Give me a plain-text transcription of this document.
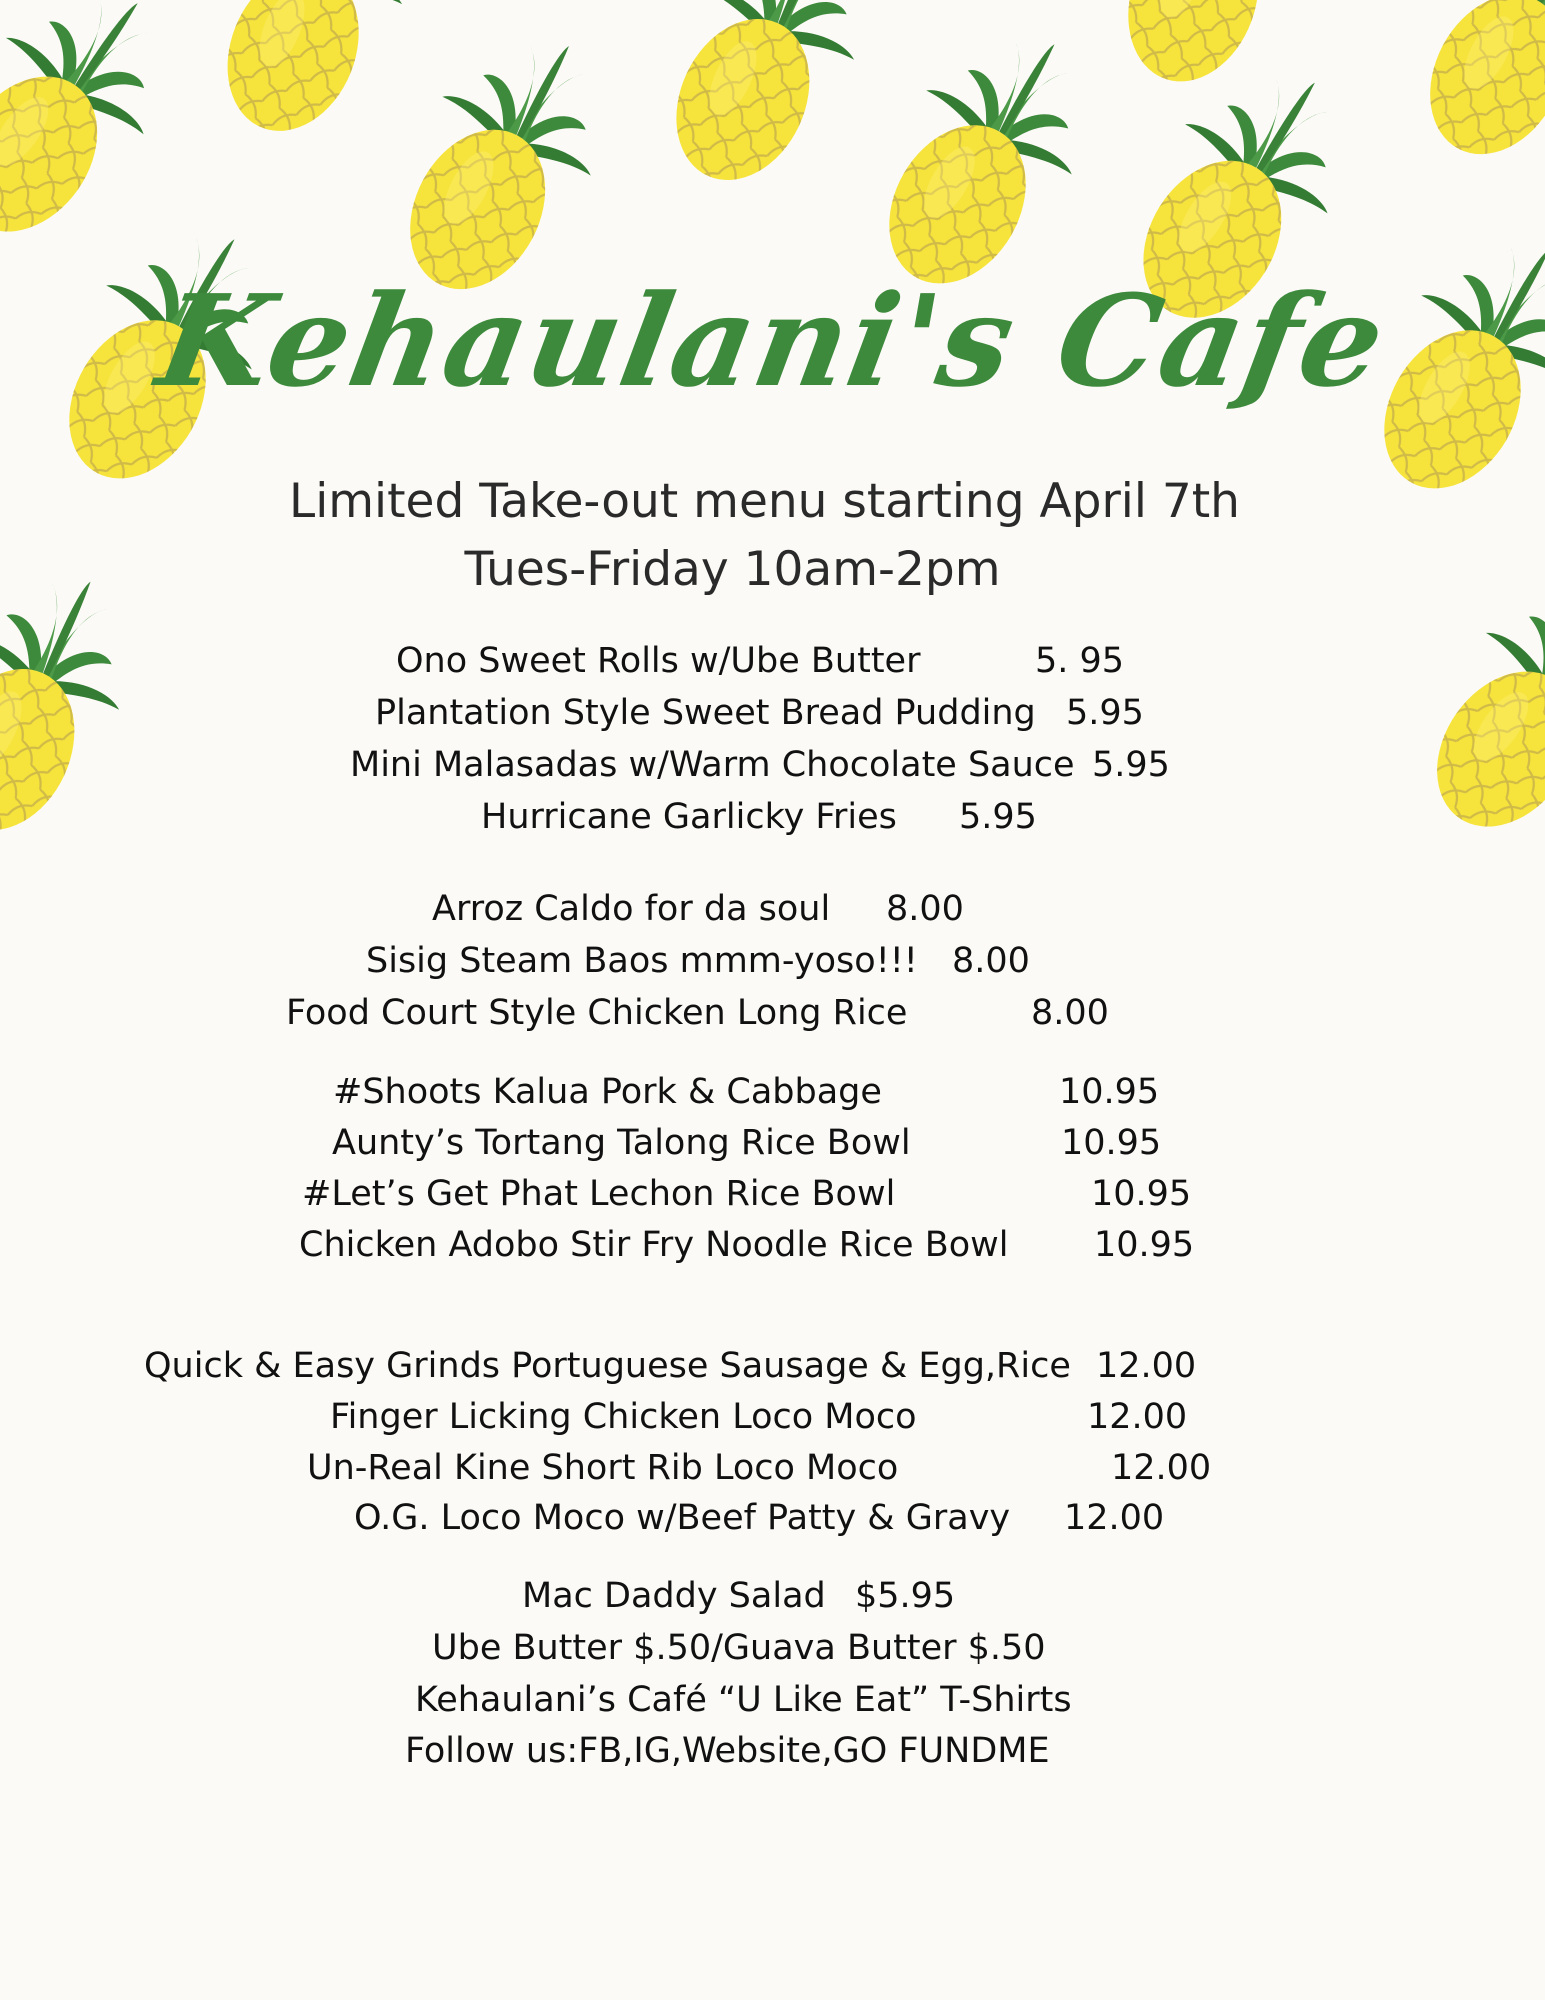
Kehaulani's Cafe
Limited Take-out menu starting April 7th
Tues-Friday 10am-2pm
Ono Sweet Rolls w/Ube Butter	5. 95
Plantation Style Sweet Bread Pudding 5.95
Mini Malasadas w/Warm Chocolate Sauce 5.95
Hurricane Garlicky Fries 5.95
Arroz Caldo for da soul 8.00
Sisig Steam Baos mmm-yoso!!! 8.00
Food Court Style Chicken Long Rice	8.00
#Shoots Kalua Pork & Cabbage	10.95
Aunty’s Tortang Talong Rice Bowl	10.95
#Let’s Get Phat Lechon Rice Bowl	10.95
Chicken Adobo Stir Fry Noodle Rice Bowl 10.95
Quick & Easy Grinds Portuguese Sausage & Egg,Rice 12.00
Finger Licking Chicken Loco Moco	12.00
Un-Real Kine Short Rib Loco Moco	12.00
O.G. Loco Moco w/Beef Patty & Gravy 12.00
Mac Daddy Salad $5.95
Ube Butter $.50/Guava Butter $.50
Kehaulani’s Café “U Like Eat” T-Shirts
Follow us:FB,IG,Website,GO FUNDME
